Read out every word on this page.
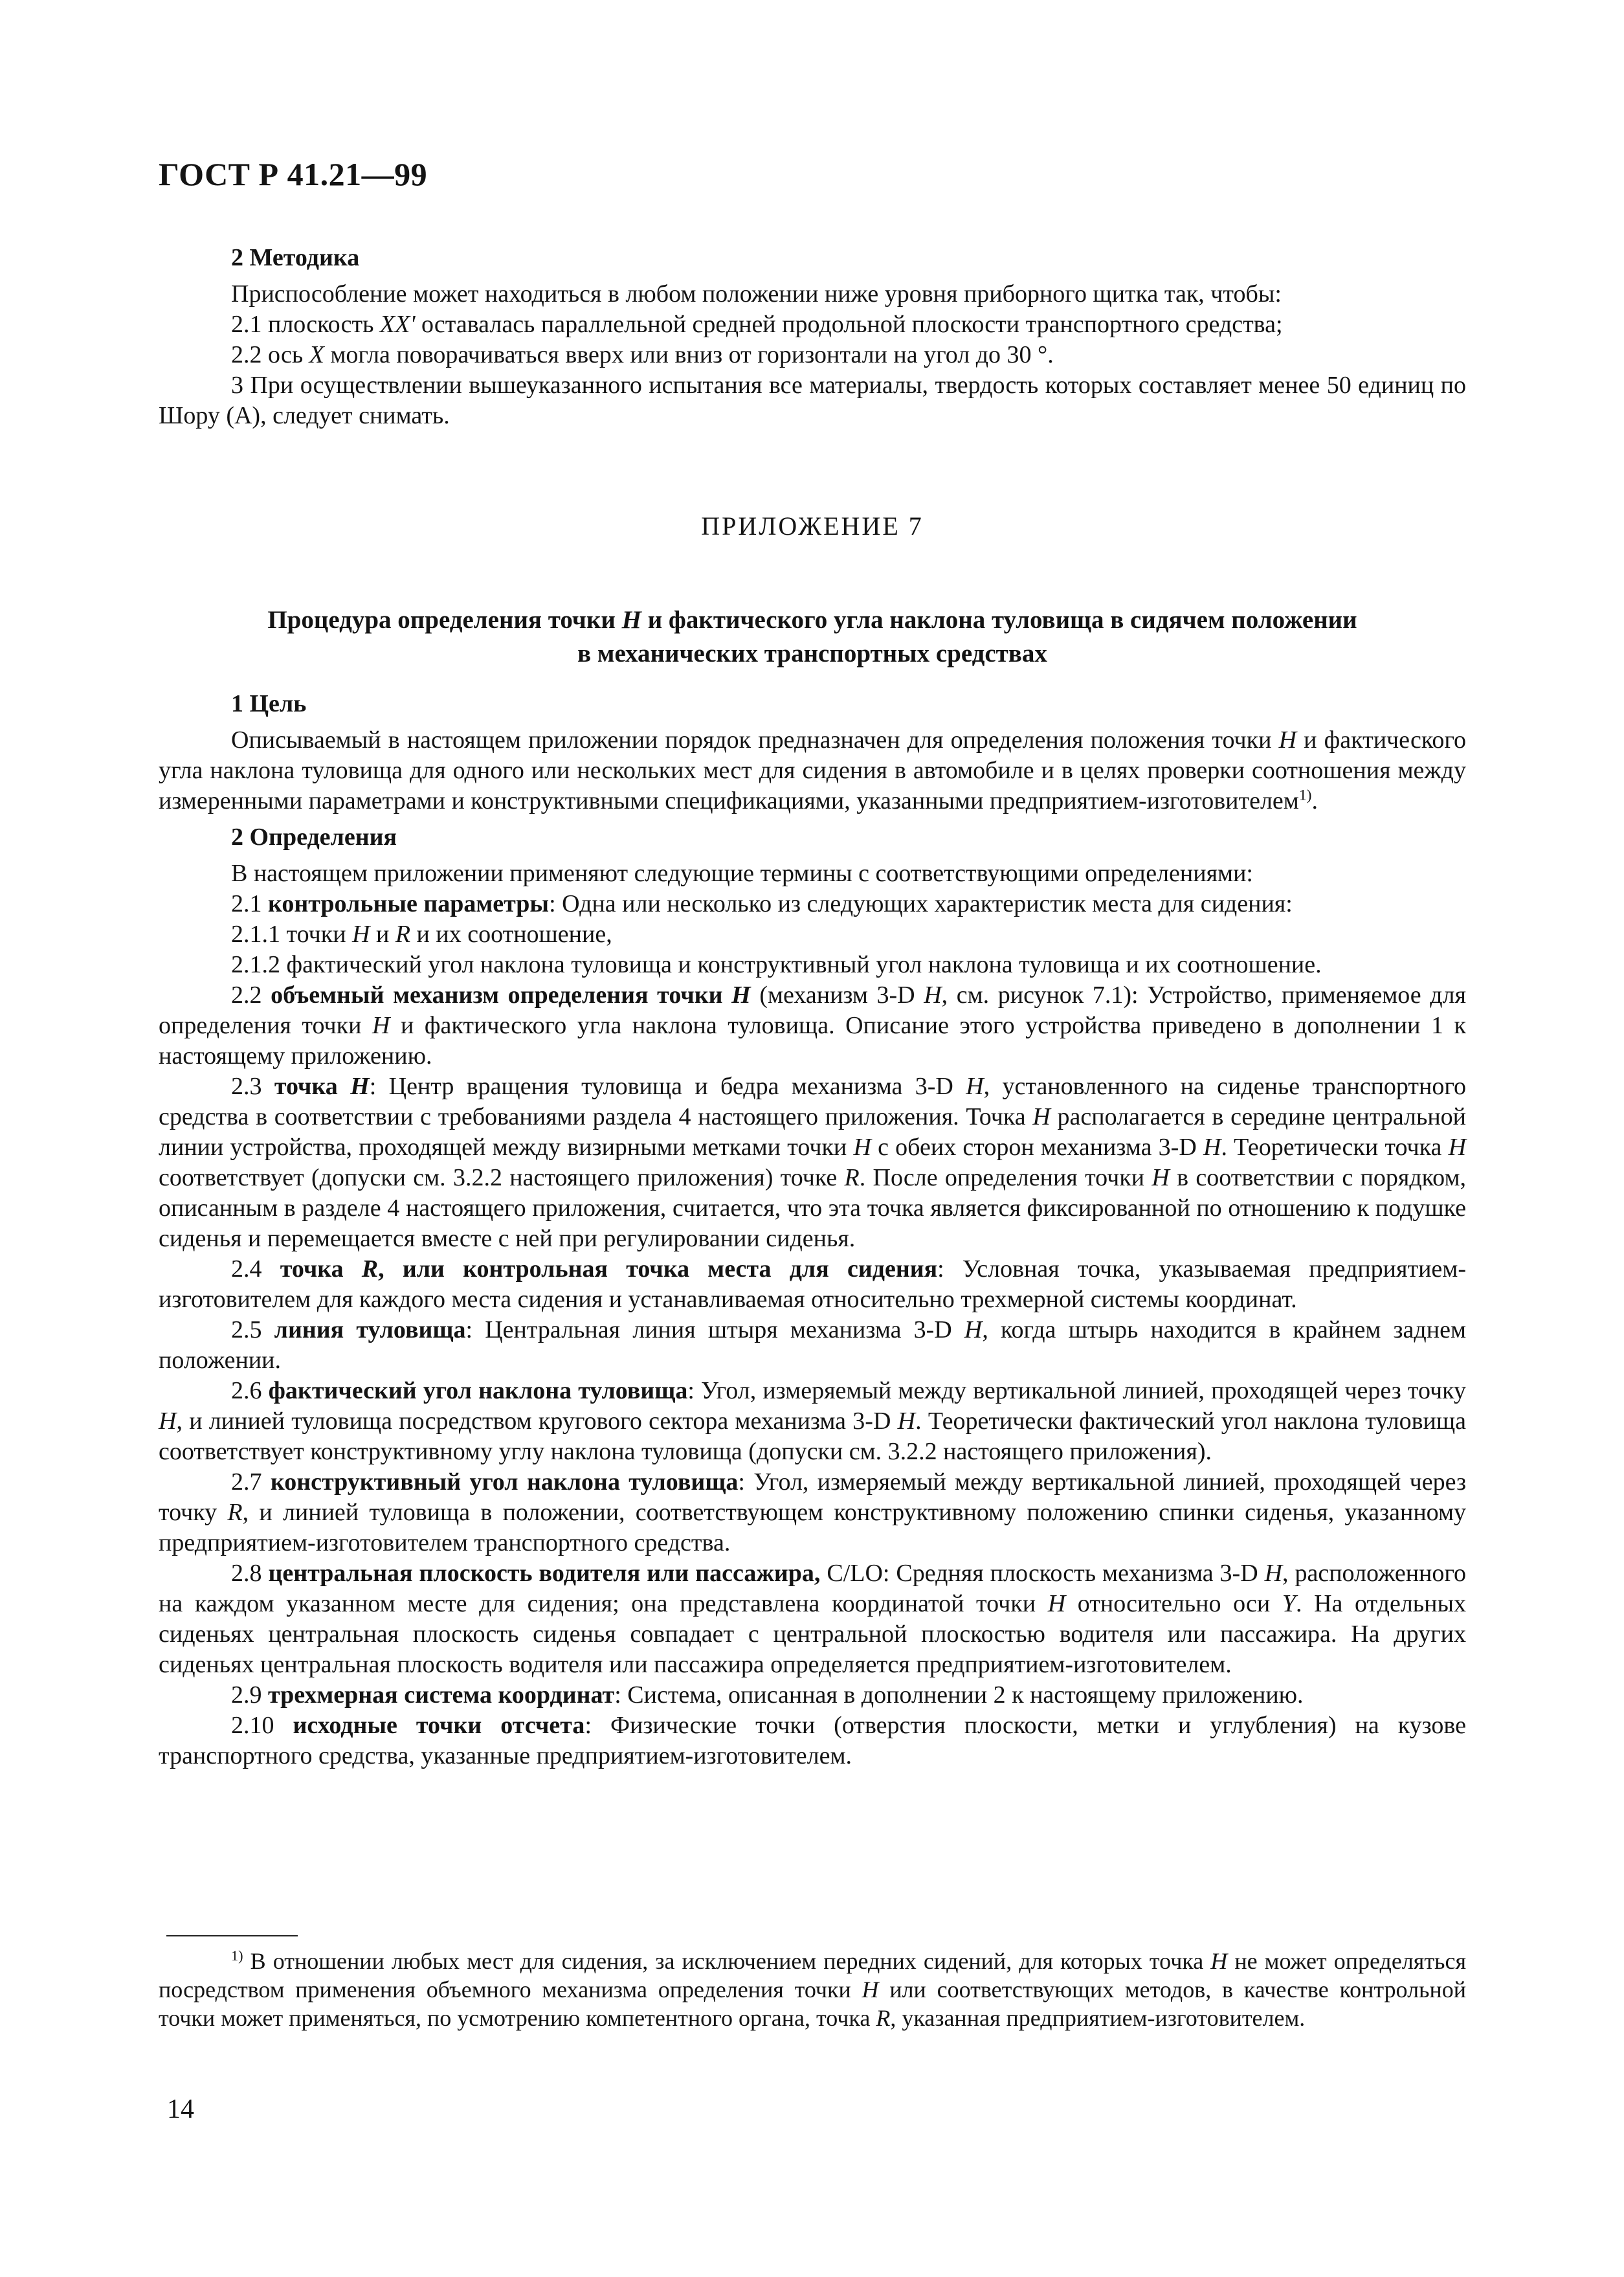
ГОСТ Р 41.21—99

2 Методика

Приспособление может находиться в любом положении ниже уровня приборного щитка так, чтобы:

2.1 плоскость XX' оставалась параллельной средней продольной плоскости транспортного средства;

2.2 ось X могла поворачиваться вверх или вниз от горизонтали на угол до 30 °.

3 При осуществлении вышеуказанного испытания все материалы, твердость которых составляет менее 50 единиц по Шору (А), следует снимать.

ПРИЛОЖЕНИЕ 7

Процедура определения точки Н и фактического угла наклона туловища в сидячем положении
в механических транспортных средствах

1 Цель

Описываемый в настоящем приложении порядок предназначен для определения положения точки Н и фактического угла наклона туловища для одного или нескольких мест для сидения в автомобиле и в целях проверки соотношения между измеренными параметрами и конструктивными спецификациями, указанными предприятием-изготовителем$^{1)}$.

2 Определения

В настоящем приложении применяют следующие термины с соответствующими определениями:

2.1 контрольные параметры: Одна или несколько из следующих характеристик места для сидения:

2.1.1 точки Н и R и их соотношение,

2.1.2 фактический угол наклона туловища и конструктивный угол наклона туловища и их соотношение.

2.2 объемный механизм определения точки Н (механизм 3-D Н, см. рисунок 7.1): Устройство, применяемое для определения точки Н и фактического угла наклона туловища. Описание этого устройства приведено в дополнении 1 к настоящему приложению.

2.3 точка Н: Центр вращения туловища и бедра механизма 3-D Н, установленного на сиденье транспортного средства в соответствии с требованиями раздела 4 настоящего приложения. Точка Н располагается в середине центральной линии устройства, проходящей между визирными метками точки Н с обеих сторон механизма 3-D Н. Теоретически точка Н соответствует (допуски см. 3.2.2 настоящего приложения) точке R. После определения точки Н в соответствии с порядком, описанным в разделе 4 настоящего приложения, считается, что эта точка является фиксированной по отношению к подушке сиденья и перемещается вместе с ней при регулировании сиденья.

2.4 точка R, или контрольная точка места для сидения: Условная точка, указываемая предприятием-изготовителем для каждого места сидения и устанавливаемая относительно трехмерной системы координат.

2.5 линия туловища: Центральная линия штыря механизма 3-D Н, когда штырь находится в крайнем заднем положении.

2.6 фактический угол наклона туловища: Угол, измеряемый между вертикальной линией, проходящей через точку Н, и линией туловища посредством кругового сектора механизма 3-D Н. Теоретически фактический угол наклона туловища соответствует конструктивному углу наклона туловища (допуски см. 3.2.2 настоящего приложения).

2.7 конструктивный угол наклона туловища: Угол, измеряемый между вертикальной линией, проходящей через точку R, и линией туловища в положении, соответствующем конструктивному положению спинки сиденья, указанному предприятием-изготовителем транспортного средства.

2.8 центральная плоскость водителя или пассажира, C/LO: Средняя плоскость механизма 3-D Н, расположенного на каждом указанном месте для сидения; она представлена координатой точки Н относительно оси Y. На отдельных сиденьях центральная плоскость сиденья совпадает с центральной плоскостью водителя или пассажира. На других сиденьях центральная плоскость водителя или пассажира определяется предприятием-изготовителем.

2.9 трехмерная система координат: Система, описанная в дополнении 2 к настоящему приложению.

2.10 исходные точки отсчета: Физические точки (отверстия плоскости, метки и углубления) на кузове транспортного средства, указанные предприятием-изготовителем.

$^{1)}$ В отношении любых мест для сидения, за исключением передних сидений, для которых точка Н не может определяться посредством применения объемного механизма определения точки Н или соответствующих методов, в качестве контрольной точки может применяться, по усмотрению компетентного органа, точка R, указанная предприятием-изготовителем.

14
